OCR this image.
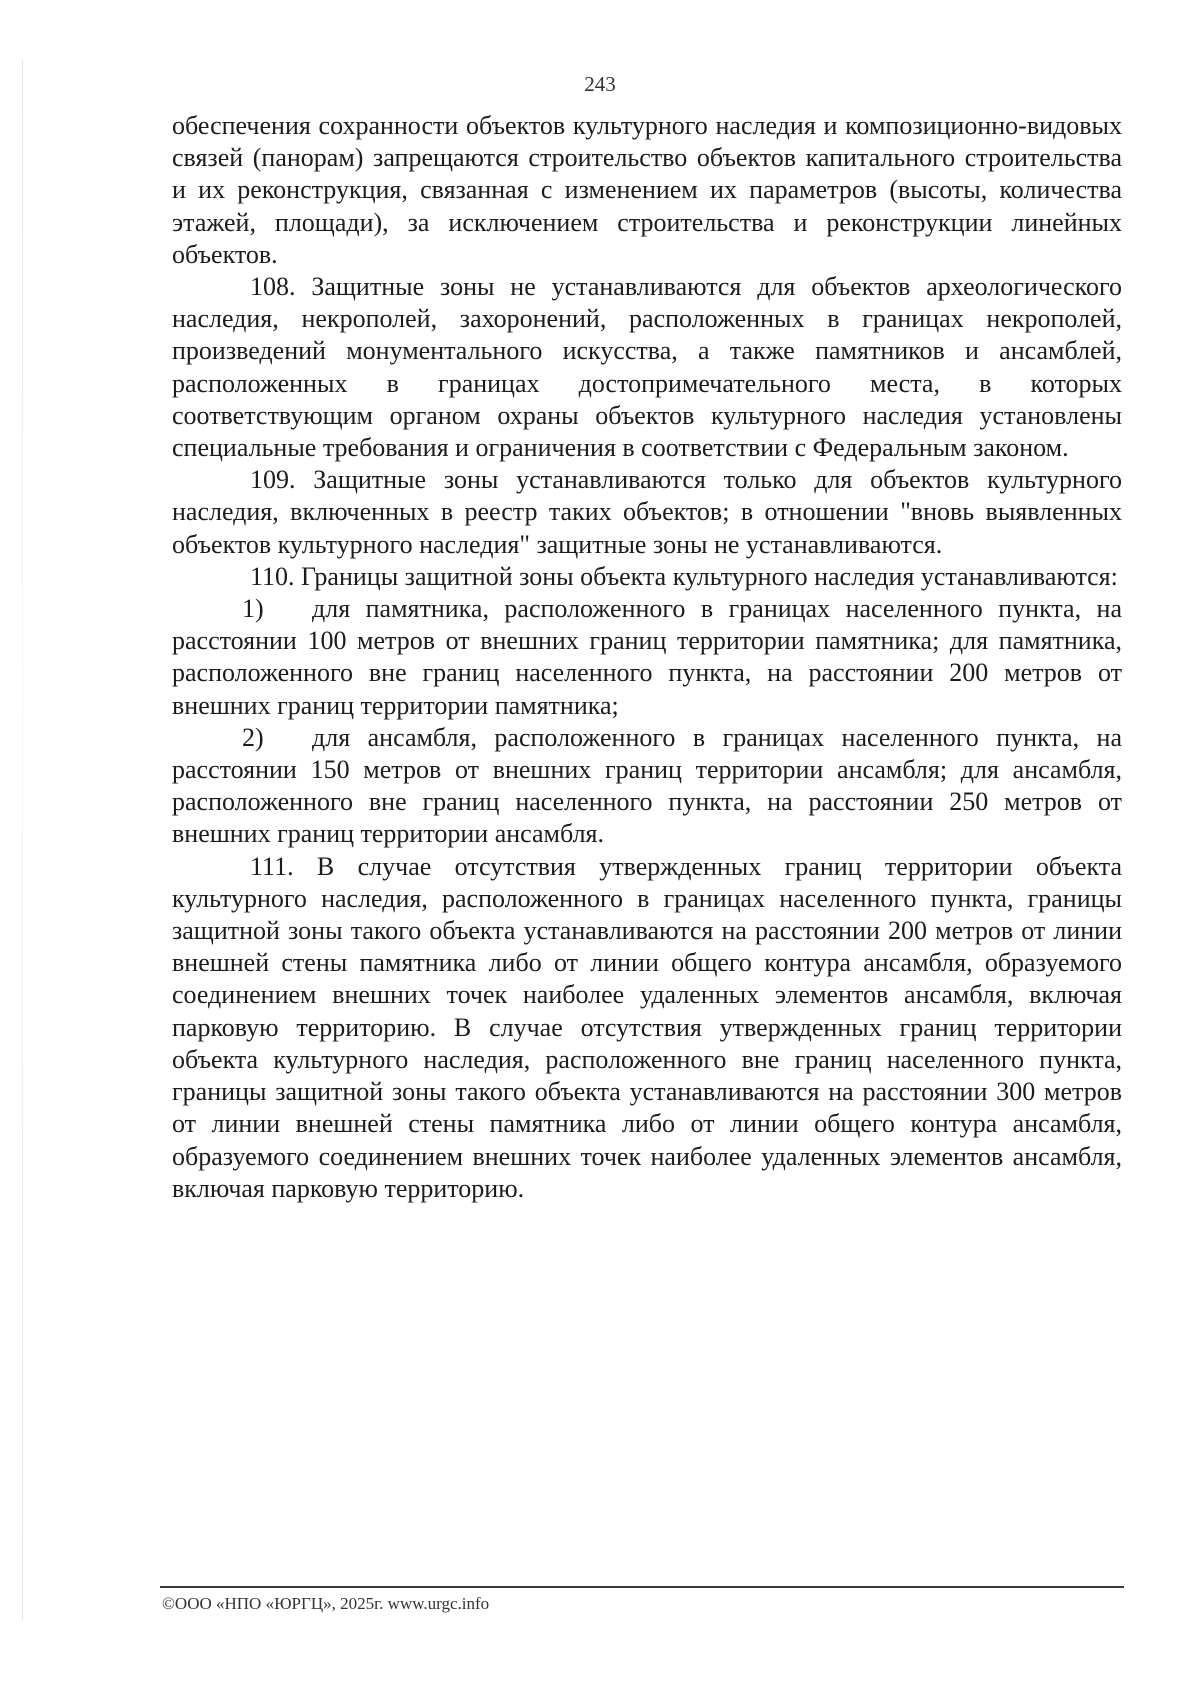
243

обеспечения сохранности объектов культурного наследия и композиционно-видовых связей (панорам) запрещаются строительство объектов капитального строительства и их реконструкция, связанная с изменением их параметров (высоты, количества этажей, площади), за исключением строительства и реконструкции линейных объектов.

108. Защитные зоны не устанавливаются для объектов археологического наследия, некрополей, захоронений, расположенных в границах некрополей, произведений монументального искусства, а также памятников и ансамблей, расположенных в границах достопримечательного места, в которых соответствующим органом охраны объектов культурного наследия установлены специальные требования и ограничения в соответствии с Федеральным законом.

109. Защитные зоны устанавливаются только для объектов культурного наследия, включенных в реестр таких объектов; в отношении "вновь выявленных объектов культурного наследия" защитные зоны не устанавливаются.

110. Границы защитной зоны объекта культурного наследия устанавливаются:

1) для памятника, расположенного в границах населенного пункта, на расстоянии 100 метров от внешних границ территории памятника; для памятника, расположенного вне границ населенного пункта, на расстоянии 200 метров от внешних границ территории памятника;

2) для ансамбля, расположенного в границах населенного пункта, на расстоянии 150 метров от внешних границ территории ансамбля; для ансамбля, расположенного вне границ населенного пункта, на расстоянии 250 метров от внешних границ территории ансамбля.

111. В случае отсутствия утвержденных границ территории объекта культурного наследия, расположенного в границах населенного пункта, границы защитной зоны такого объекта устанавливаются на расстоянии 200 метров от линии внешней стены памятника либо от линии общего контура ансамбля, образуемого соединением внешних точек наиболее удаленных элементов ансамбля, включая парковую территорию. В случае отсутствия утвержденных границ территории объекта культурного наследия, расположенного вне границ населенного пункта, границы защитной зоны такого объекта устанавливаются на расстоянии 300 метров от линии внешней стены памятника либо от линии общего контура ансамбля, образуемого соединением внешних точек наиболее удаленных элементов ансамбля, включая парковую территорию.

©ООО «НПО «ЮРГЦ», 2025г. www.urgc.info
